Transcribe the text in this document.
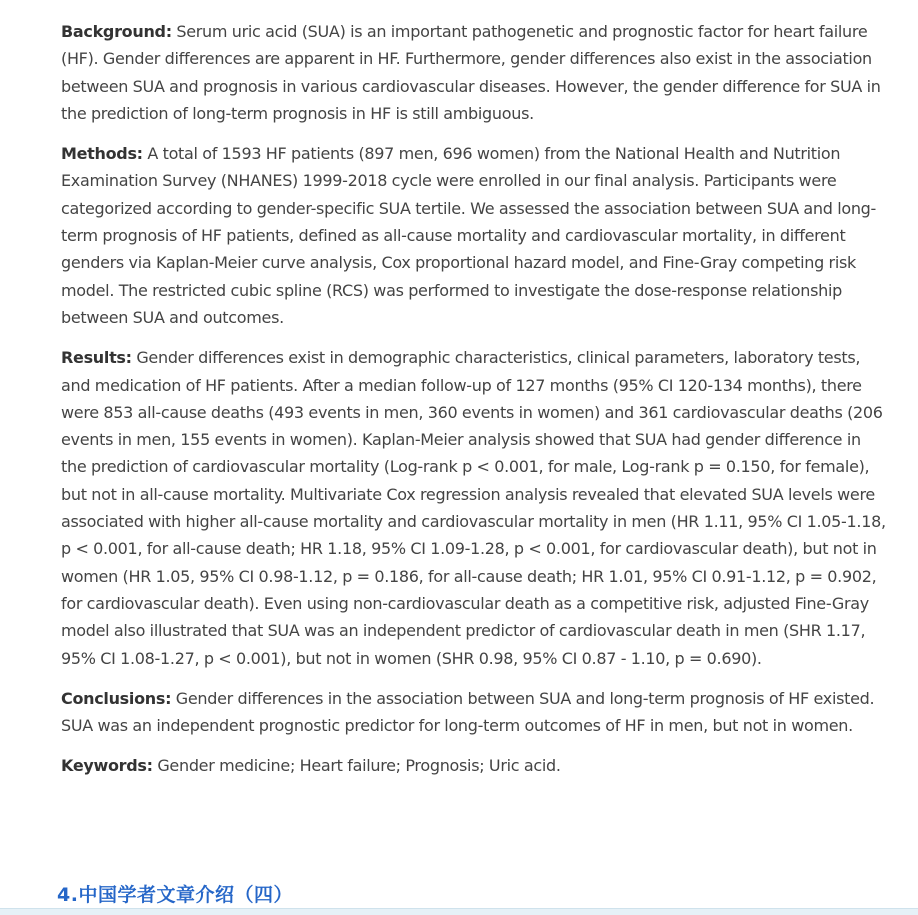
Background: Serum uric acid (SUA) is an important pathogenetic and prognostic factor for heart failure (HF). Gender differences are apparent in HF. Furthermore, gender differences also exist in the association between SUA and prognosis in various cardiovascular diseases. However, the gender difference for SUA in the prediction of long-term prognosis in HF is still ambiguous.

Methods: A total of 1593 HF patients (897 men, 696 women) from the National Health and Nutrition Examination Survey (NHANES) 1999-2018 cycle were enrolled in our final analysis. Participants were categorized according to gender-specific SUA tertile. We assessed the association between SUA and long-term prognosis of HF patients, defined as all-cause mortality and cardiovascular mortality, in different genders via Kaplan-Meier curve analysis, Cox proportional hazard model, and Fine-Gray competing risk model. The restricted cubic spline (RCS) was performed to investigate the dose-response relationship between SUA and outcomes.

Results: Gender differences exist in demographic characteristics, clinical parameters, laboratory tests, and medication of HF patients. After a median follow-up of 127 months (95% CI 120-134 months), there were 853 all-cause deaths (493 events in men, 360 events in women) and 361 cardiovascular deaths (206 events in men, 155 events in women). Kaplan-Meier analysis showed that SUA had gender difference in the prediction of cardiovascular mortality (Log-rank p < 0.001, for male, Log-rank p = 0.150, for female), but not in all-cause mortality. Multivariate Cox regression analysis revealed that elevated SUA levels were associated with higher all-cause mortality and cardiovascular mortality in men (HR 1.11, 95% CI 1.05-1.18, p < 0.001, for all-cause death; HR 1.18, 95% CI 1.09-1.28, p < 0.001, for cardiovascular death), but not in women (HR 1.05, 95% CI 0.98-1.12, p = 0.186, for all-cause death; HR 1.01, 95% CI 0.91-1.12, p = 0.902, for cardiovascular death). Even using non-cardiovascular death as a competitive risk, adjusted Fine-Gray model also illustrated that SUA was an independent predictor of cardiovascular death in men (SHR 1.17, 95% CI 1.08-1.27, p < 0.001), but not in women (SHR 0.98, 95% CI 0.87 - 1.10, p = 0.690).

Conclusions: Gender differences in the association between SUA and long-term prognosis of HF existed. SUA was an independent prognostic predictor for long-term outcomes of HF in men, but not in women.

Keywords: Gender medicine; Heart failure; Prognosis; Uric acid.

4.中国学者文章介绍（四）
